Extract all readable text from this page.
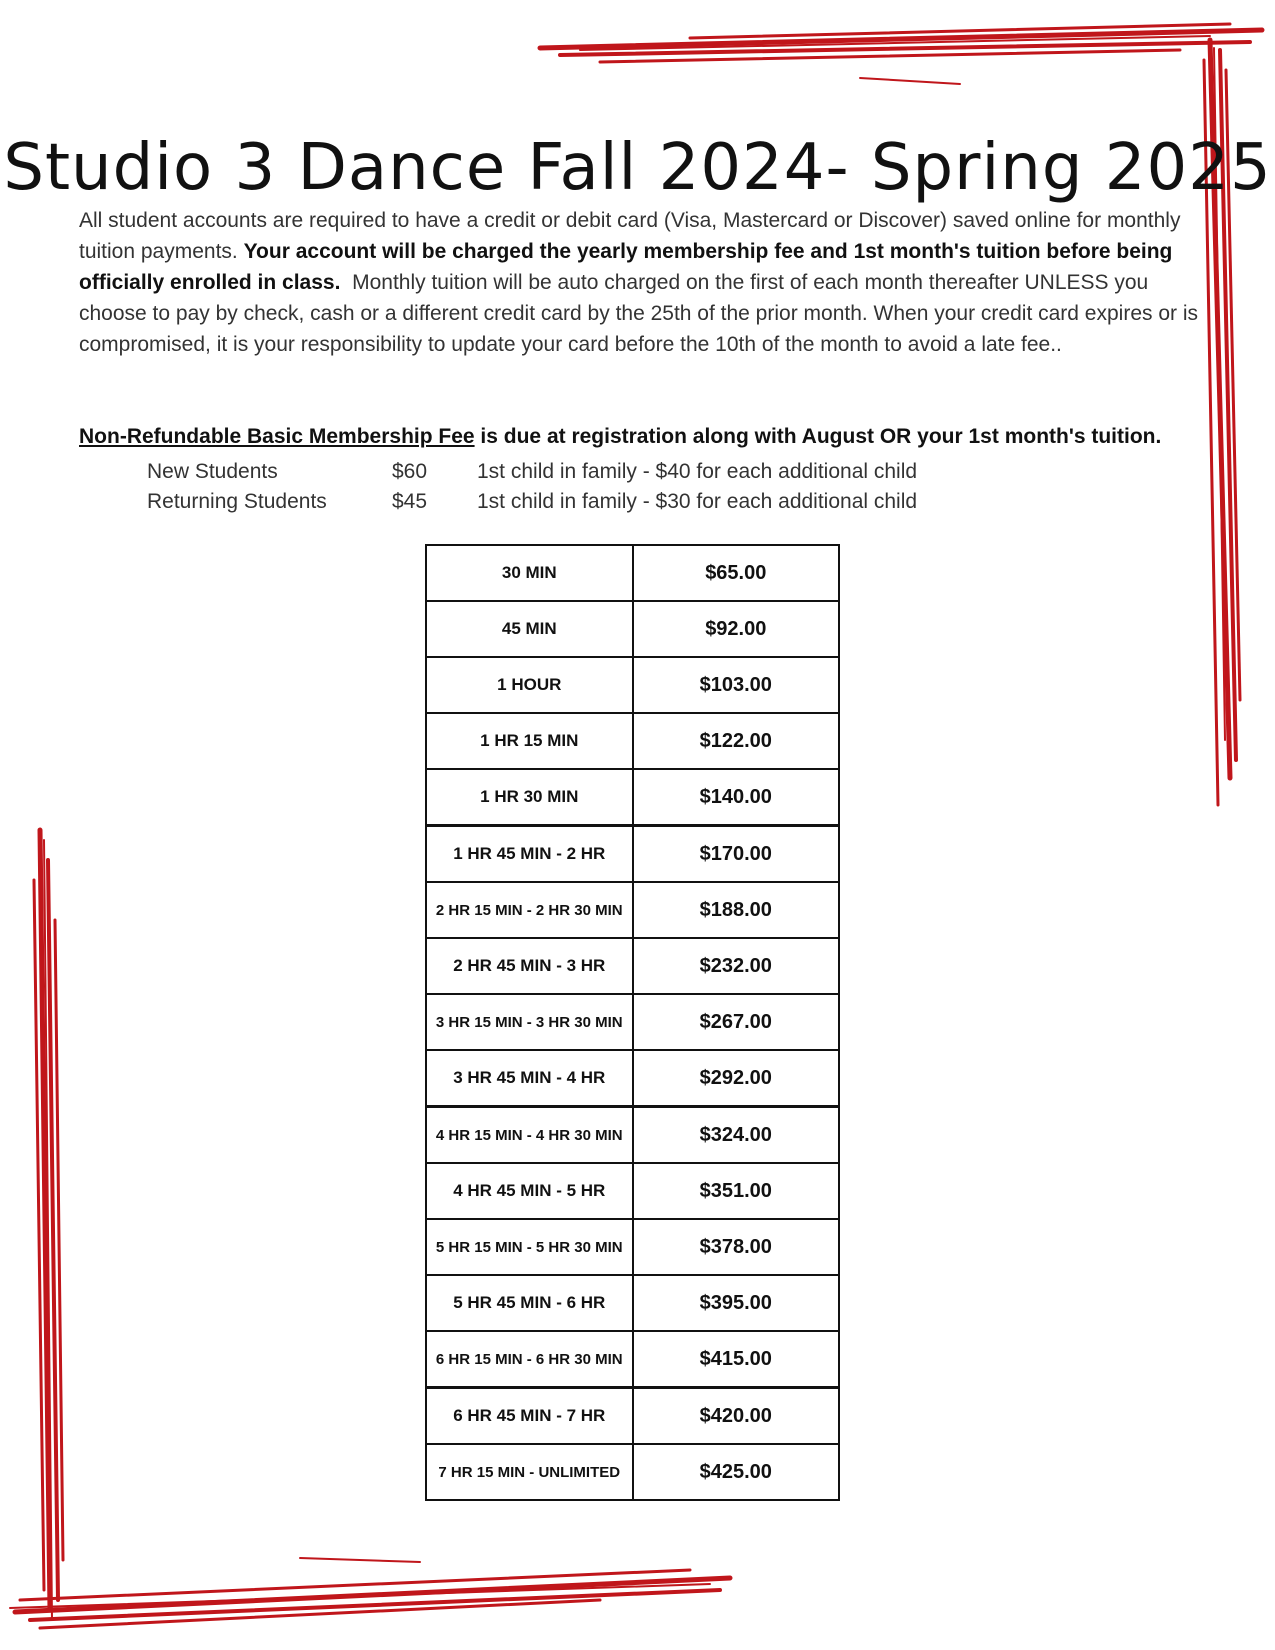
Studio 3 Dance Fall 2024- Spring 2025

All student accounts are required to have a credit or debit card (Visa, Mastercard or Discover) saved online for monthly tuition payments. Your account will be charged the yearly membership fee and 1st month's tuition before being officially enrolled in class. Monthly tuition will be auto charged on the first of each month thereafter UNLESS you choose to pay by check, cash or a different credit card by the 25th of the prior month. When your credit card expires or is compromised, it is your responsibility to update your card before the 10th of the month to avoid a late fee..

Non-Refundable Basic Membership Fee is due at registration along with August OR your 1st month's tuition.

New Students	$60 1st child in family - $40 for each additional child
Returning Students	$45 1st child in family - $30 for each additional child
30 MIN	$65.00
45 MIN	$92.00
1 HOUR	$103.00
1 HR 15 MIN	$122.00
1 HR 30 MIN	$140.00
1 HR 45 MIN - 2 HR	$170.00
2 HR 15 MIN - 2 HR 30 MIN	$188.00
2 HR 45 MIN - 3 HR	$232.00
3 HR 15 MIN - 3 HR 30 MIN	$267.00
3 HR 45 MIN - 4 HR	$292.00
4 HR 15 MIN - 4 HR 30 MIN	$324.00
4 HR 45 MIN - 5 HR	$351.00
5 HR 15 MIN - 5 HR 30 MIN	$378.00
5 HR 45 MIN - 6 HR	$395.00
6 HR 15 MIN - 6 HR 30 MIN	$415.00
6 HR 45 MIN - 7 HR	$420.00
7 HR 15 MIN - UNLIMITED	$425.00
